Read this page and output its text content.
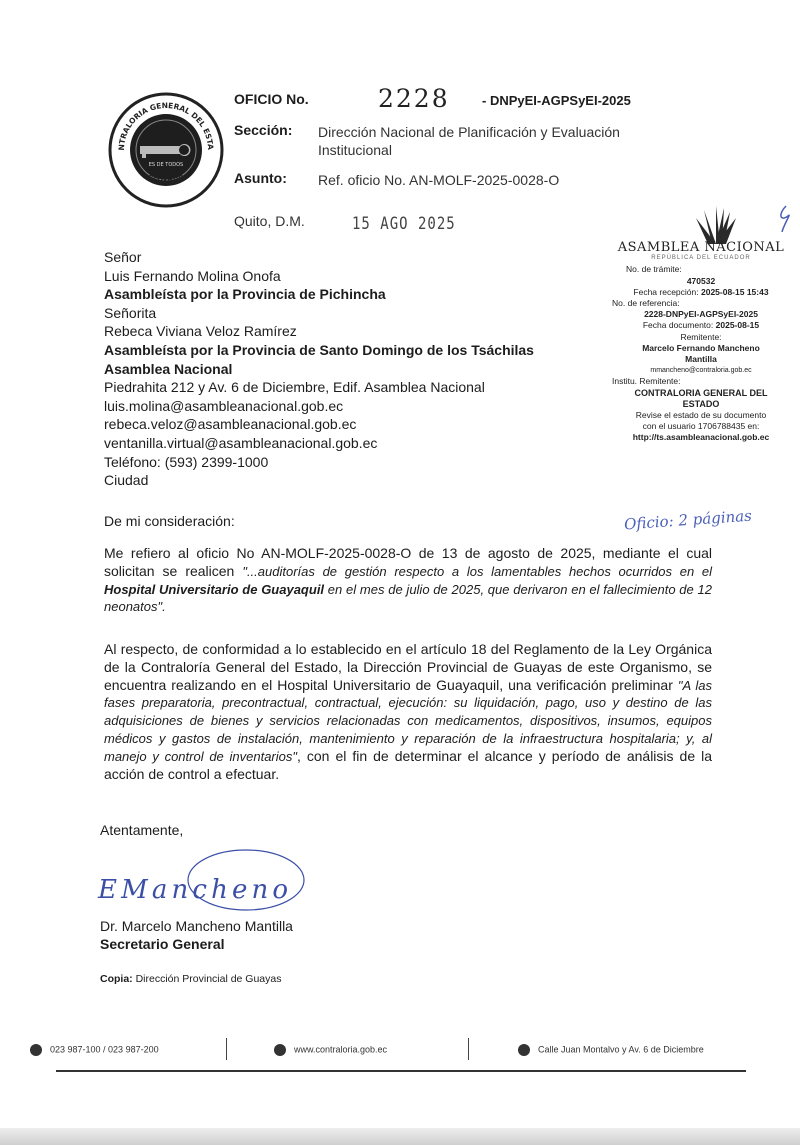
ES DE TODOS
NTRALORIA GENERAL DEL ESTA
ECUADOR
OFICIO No.	2228 - DNPyEI-AGPSyEI-2025
Sección: Dirección Nacional de Planificación y Evaluación
Institucional
Asunto: Ref. oficio No. AN-MOLF-2025-0028-O
Quito, D.M.	15 AGO 2025
ASAMBLEA NACIONAL
REPÚBLICA DEL ECUADOR
No. de trámite:
470532
Fecha recepción: 2025-08-15 15:43
No. de referencia:
2228-DNPyEI-AGPSyEI-2025
Fecha documento: 2025-08-15
Remitente:
Marcelo Fernando Mancheno
Mantilla
mmancheno@contraloria.gob.ec
Institu. Remitente:
CONTRALORIA GENERAL DEL
ESTADO
Revise el estado de su documento
con el usuario 1706788435 en:
http://ts.asambleanacional.gob.ec
Oficio: 2 páginas
Señor
Luis Fernando Molina Onofa
Asambleísta por la Provincia de Pichincha
Señorita
Rebeca Viviana Veloz Ramírez
Asambleísta por la Provincia de Santo Domingo de los Tsáchilas
Asamblea Nacional
Piedrahita 212 y Av. 6 de Diciembre, Edif. Asamblea Nacional
luis.molina@asambleanacional.gob.ec
rebeca.veloz@asambleanacional.gob.ec
ventanilla.virtual@asambleanacional.gob.ec
Teléfono: (593) 2399-1000
Ciudad
De mi consideración:
Me refiero al oficio No AN-MOLF-2025-0028-O de 13 de agosto de 2025, mediante el cual solicitan se realicen "...auditorías de gestión respecto a los lamentables hechos ocurridos en el Hospital Universitario de Guayaquil en el mes de julio de 2025, que derivaron en el fallecimiento de 12 neonatos".
Al respecto, de conformidad a lo establecido en el artículo 18 del Reglamento de la Ley Orgánica de la Contraloría General del Estado, la Dirección Provincial de Guayas de este Organismo, se encuentra realizando en el Hospital Universitario de Guayaquil, una verificación preliminar "A las fases preparatoria, precontractual, contractual, ejecución: su liquidación, pago, uso y destino de las adquisiciones de bienes y servicios relacionadas con medicamentos, dispositivos, insumos, equipos médicos y gastos de instalación, mantenimiento y reparación de la infraestructura hospitalaria; y, al manejo y control de inventarios", con el fin de determinar el alcance y período de análisis de la acción de control a efectuar.
Atentamente,
EMancheno
Dr. Marcelo Mancheno Mantilla
Secretario General
Copia: Dirección Provincial de Guayas
023 987-100 / 023 987-200	www.contraloria.gob.ec	Calle Juan Montalvo y Av. 6 de Diciembre
